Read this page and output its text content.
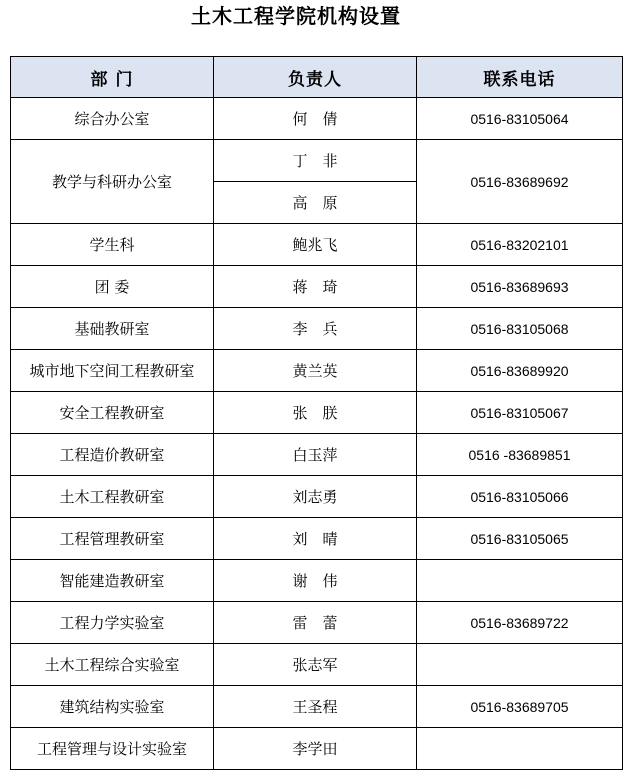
土木工程学院机构设置
部 门	负责人	联系电话
综合办公室	何　倩	0516-83105064
教学与科研办公室	丁　非	0516-83689692
	高　原	
学生科	鲍兆飞	0516-83202101
团 委	蒋　琦	0516-83689693
基础教研室	李　兵	0516-83105068
城市地下空间工程教研室	黄兰英	0516-83689920
安全工程教研室	张　朕	0516-83105067
工程造价教研室	白玉萍	0516 -83689851
土木工程教研室	刘志勇	0516-83105066
工程管理教研室	刘　晴	0516-83105065
智能建造教研室	谢　伟	
工程力学实验室	雷　蕾	0516-83689722
土木工程综合实验室	张志军	
建筑结构实验室	王圣程	0516-83689705
工程管理与设计实验室	李学田	
